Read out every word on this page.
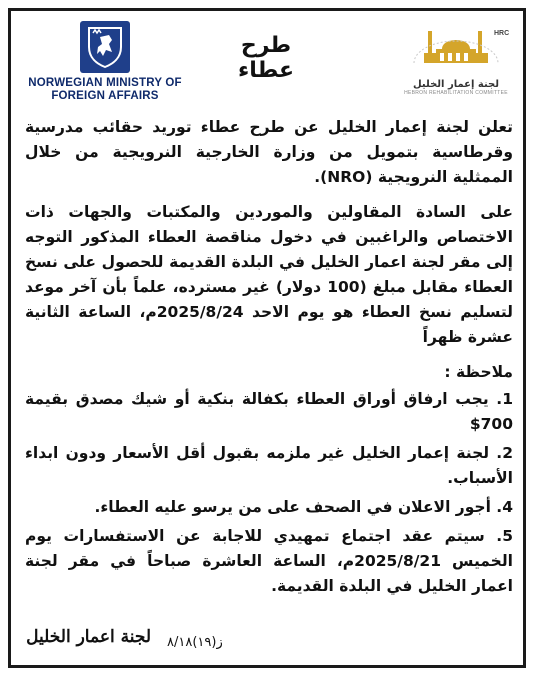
NORWEGIAN MINISTRY OF FOREIGN AFFAIRS
طرح عطاء
HRC
لجنة إعمار الخليل
HEBRON REHABILITATION COMMITTEE

تعلن لجنة إعمار الخليل عن طرح عطاء توريد حقائب مدرسية وقرطاسية بتمويل من وزارة الخارجية النرويجية من خلال الممثلية النرويجية (NRO).

على السادة المقاولين والموردين والمكتبات والجهات ذات الاختصاص والراغبين في دخول مناقصة العطاء المذكور التوجه إلى مقر لجنة اعمار الخليل في البلدة القديمة للحصول على نسخ العطاء مقابل مبلغ (100 دولار) غير مسترده، علماً بأن آخر موعد لتسليم نسخ العطاء هو يوم الاحد 2025/8/24م، الساعة الثانية عشرة ظهراً

ملاحظة :
1. يجب ارفاق أوراق العطاء بكفالة بنكية أو شيك مصدق بقيمة 700$
2. لجنة إعمار الخليل غير ملزمه بقبول أقل الأسعار ودون ابداء الأسباب.
4. أجور الاعلان في الصحف على من يرسو عليه العطاء.
5. سيتم عقد اجتماع تمهيدي للاجابة عن الاستفسارات يوم الخميس 2025/8/21م، الساعة العاشرة صباحاً في مقر لجنة اعمار الخليل في البلدة القديمة.
لجنة اعمار الخليل ز(١٩)٨/١٨
